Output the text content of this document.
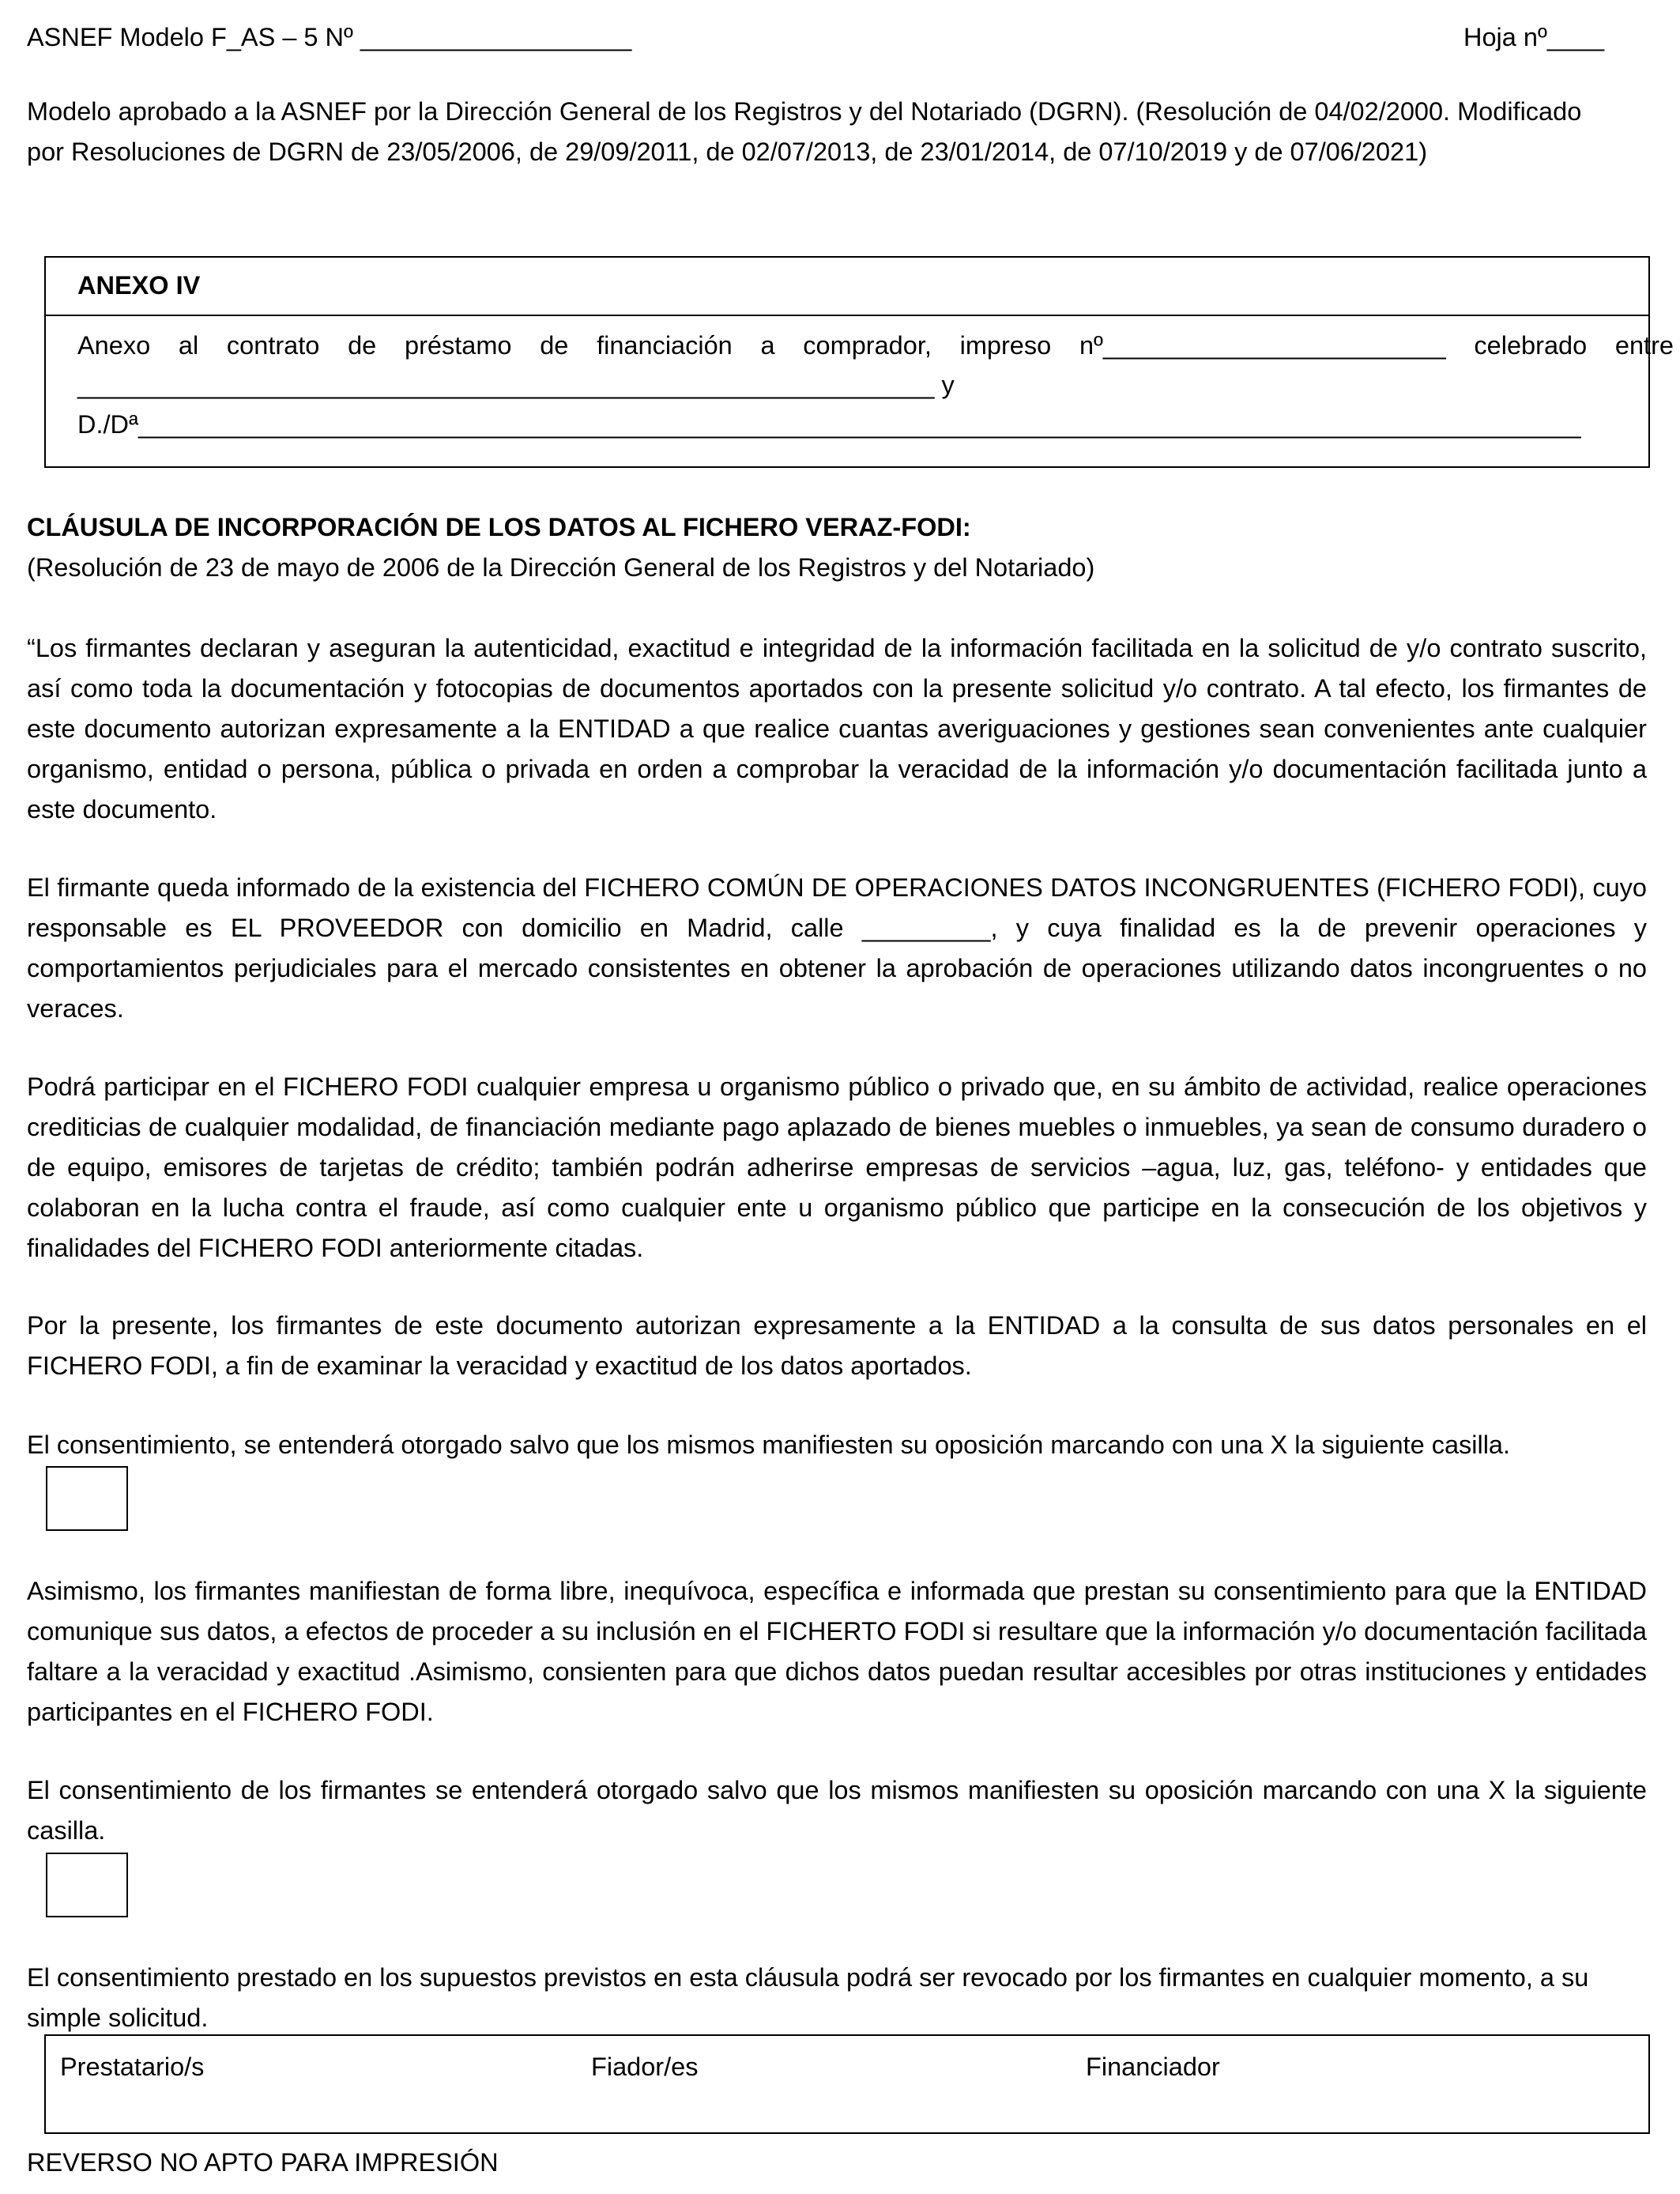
ASNEF Modelo F_AS – 5 Nº ___________________	Hoja nº____

Modelo aprobado a la ASNEF por la Dirección General de los Registros y del Notariado (DGRN). (Resolución de 04/02/2000. Modificado por Resoluciones de DGRN de 23/05/2006, de 29/09/2011, de 02/07/2013, de 23/01/2014, de 07/10/2019 y de 07/06/2021)

ANEXO IV
Anexo al contrato de préstamo de financiación a comprador, impreso nº________________________ celebrado entre
____________________________________________________________ y
D./Dª_____________________________________________________________________________________________________
CLÁUSULA DE INCORPORACIÓN DE LOS DATOS AL FICHERO VERAZ-FODI:
(Resolución de 23 de mayo de 2006 de la Dirección General de los Registros y del Notariado)

“Los firmantes declaran y aseguran la autenticidad, exactitud e integridad de la información facilitada en la solicitud de y/o contrato suscrito, así como toda la documentación y fotocopias de documentos aportados con la presente solicitud y/o contrato. A tal efecto, los firmantes de este documento autorizan expresamente a la ENTIDAD a que realice cuantas averiguaciones y gestiones sean convenientes ante cualquier organismo, entidad o persona, pública o privada en orden a comprobar la veracidad de la información y/o documentación facilitada junto a este documento.

El firmante queda informado de la existencia del FICHERO COMÚN DE OPERACIONES DATOS INCONGRUENTES (FICHERO FODI), cuyo responsable es EL PROVEEDOR con domicilio en Madrid, calle _________, y cuya finalidad es la de prevenir operaciones y comportamientos perjudiciales para el mercado consistentes en obtener la aprobación de operaciones utilizando datos incongruentes o no veraces.

Podrá participar en el FICHERO FODI cualquier empresa u organismo público o privado que, en su ámbito de actividad, realice operaciones crediticias de cualquier modalidad, de financiación mediante pago aplazado de bienes muebles o inmuebles, ya sean de consumo duradero o de equipo, emisores de tarjetas de crédito; también podrán adherirse empresas de servicios –agua, luz, gas, teléfono- y entidades que colaboran en la lucha contra el fraude, así como cualquier ente u organismo público que participe en la consecución de los objetivos y finalidades del FICHERO FODI anteriormente citadas.

Por la presente, los firmantes de este documento autorizan expresamente a la ENTIDAD a la consulta de sus datos personales en el FICHERO FODI, a fin de examinar la veracidad y exactitud de los datos aportados.

El consentimiento, se entenderá otorgado salvo que los mismos manifiesten su oposición marcando con una X la siguiente casilla.

Asimismo, los firmantes manifiestan de forma libre, inequívoca, específica e informada que prestan su consentimiento para que la ENTIDAD comunique sus datos, a efectos de proceder a su inclusión en el FICHERTO FODI si resultare que la información y/o documentación facilitada faltare a la veracidad y exactitud .Asimismo, consienten para que dichos datos puedan resultar accesibles por otras instituciones y entidades participantes en el FICHERO FODI.

El consentimiento de los firmantes se entenderá otorgado salvo que los mismos manifiesten su oposición marcando con una X la siguiente casilla.

El consentimiento prestado en los supuestos previstos en esta cláusula podrá ser revocado por los firmantes en cualquier momento, a su simple solicitud.

Prestatario/s	Fiador/es	Financiador
REVERSO NO APTO PARA IMPRESIÓN
